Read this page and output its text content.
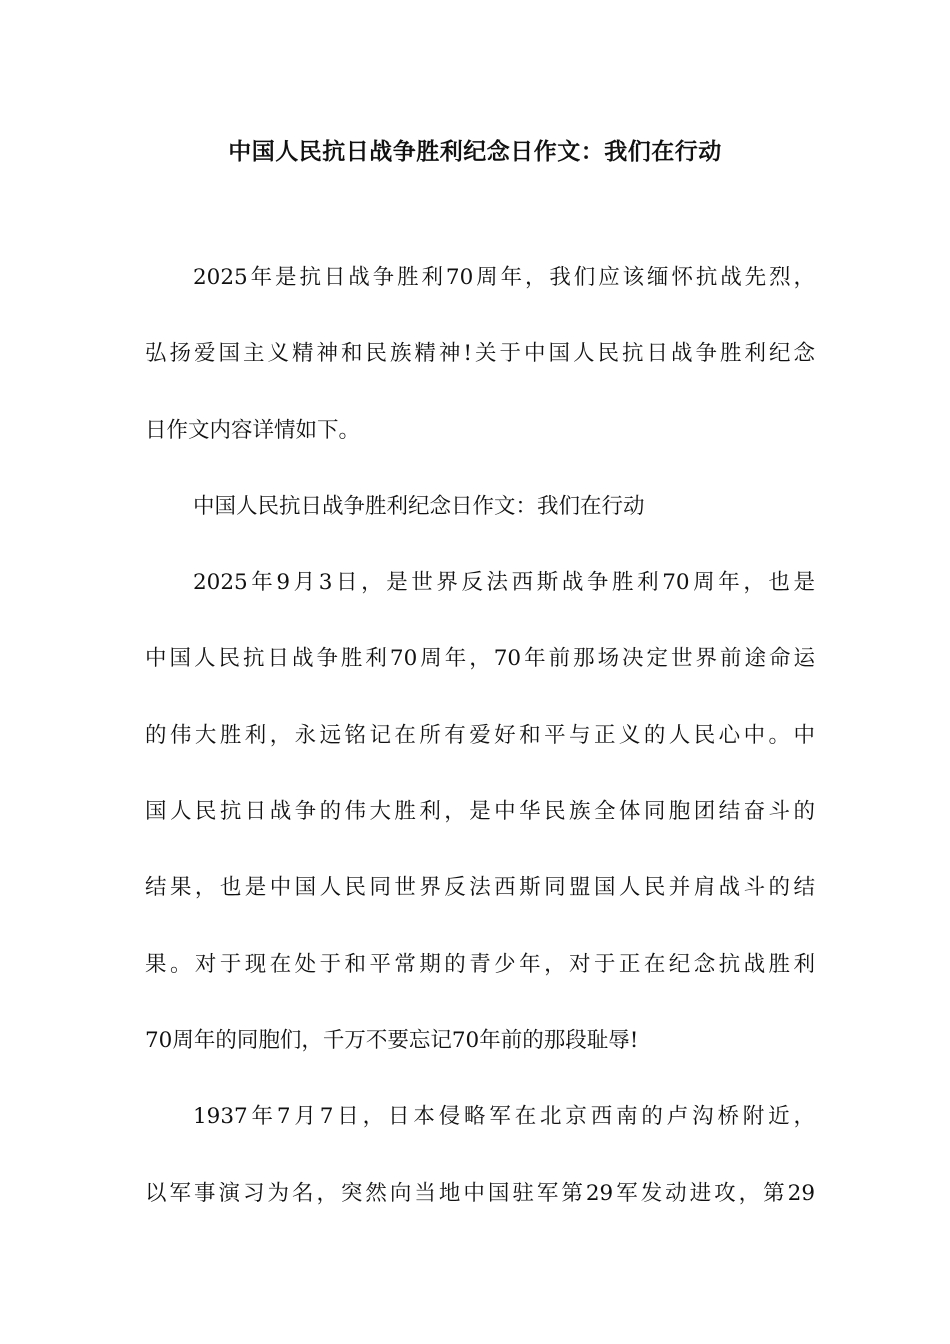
中国人民抗日战争胜利纪念日作文：我们在行动
2025年是抗日战争胜利70周年，我们应该缅怀抗战先烈，
弘扬爱国主义精神和民族精神!关于中国人民抗日战争胜利纪念
日作文内容详情如下。
中国人民抗日战争胜利纪念日作文：我们在行动
2025年9月3日，是世界反法西斯战争胜利70周年，也是
中国人民抗日战争胜利70周年，70年前那场决定世界前途命运
的伟大胜利，永远铭记在所有爱好和平与正义的人民心中。中
国人民抗日战争的伟大胜利，是中华民族全体同胞团结奋斗的
结果，也是中国人民同世界反法西斯同盟国人民并肩战斗的结
果。对于现在处于和平常期的青少年，对于正在纪念抗战胜利
70周年的同胞们，千万不要忘记70年前的那段耻辱!
1937年7月7日，日本侵略军在北京西南的卢沟桥附近，
以军事演习为名，突然向当地中国驻军第29军发动进攻，第29
